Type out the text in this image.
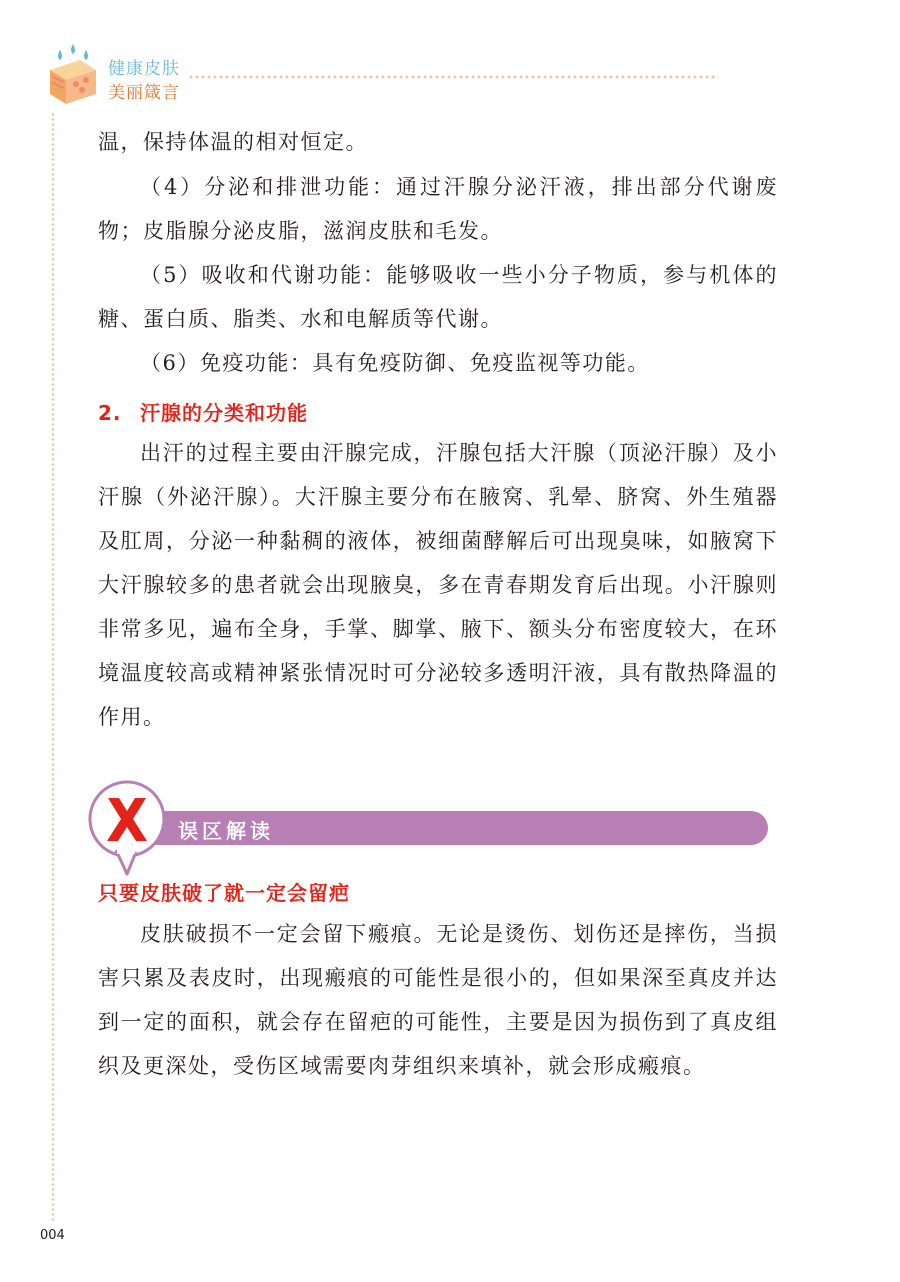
健康皮肤
美丽箴言

温，保持体温的相对恒定。

（4）分泌和排泄功能：通过汗腺分泌汗液，排出部分代谢废物；皮脂腺分泌皮脂，滋润皮肤和毛发。

（5）吸收和代谢功能：能够吸收一些小分子物质，参与机体的糖、蛋白质、脂类、水和电解质等代谢。

（6）免疫功能：具有免疫防御、免疫监视等功能。

2. 汗腺的分类和功能

出汗的过程主要由汗腺完成，汗腺包括大汗腺（顶泌汗腺）及小汗腺（外泌汗腺）。大汗腺主要分布在腋窝、乳晕、脐窝、外生殖器及肛周，分泌一种黏稠的液体，被细菌酵解后可出现臭味，如腋窝下大汗腺较多的患者就会出现腋臭，多在青春期发育后出现。小汗腺则非常多见，遍布全身，手掌、脚掌、腋下、额头分布密度较大，在环境温度较高或精神紧张情况时可分泌较多透明汗液，具有散热降温的作用。

误区解读
只要皮肤破了就一定会留疤

皮肤破损不一定会留下瘢痕。无论是烫伤、划伤还是摔伤，当损害只累及表皮时，出现瘢痕的可能性是很小的，但如果深至真皮并达到一定的面积，就会存在留疤的可能性，主要是因为损伤到了真皮组织及更深处，受伤区域需要肉芽组织来填补，就会形成瘢痕。

004
